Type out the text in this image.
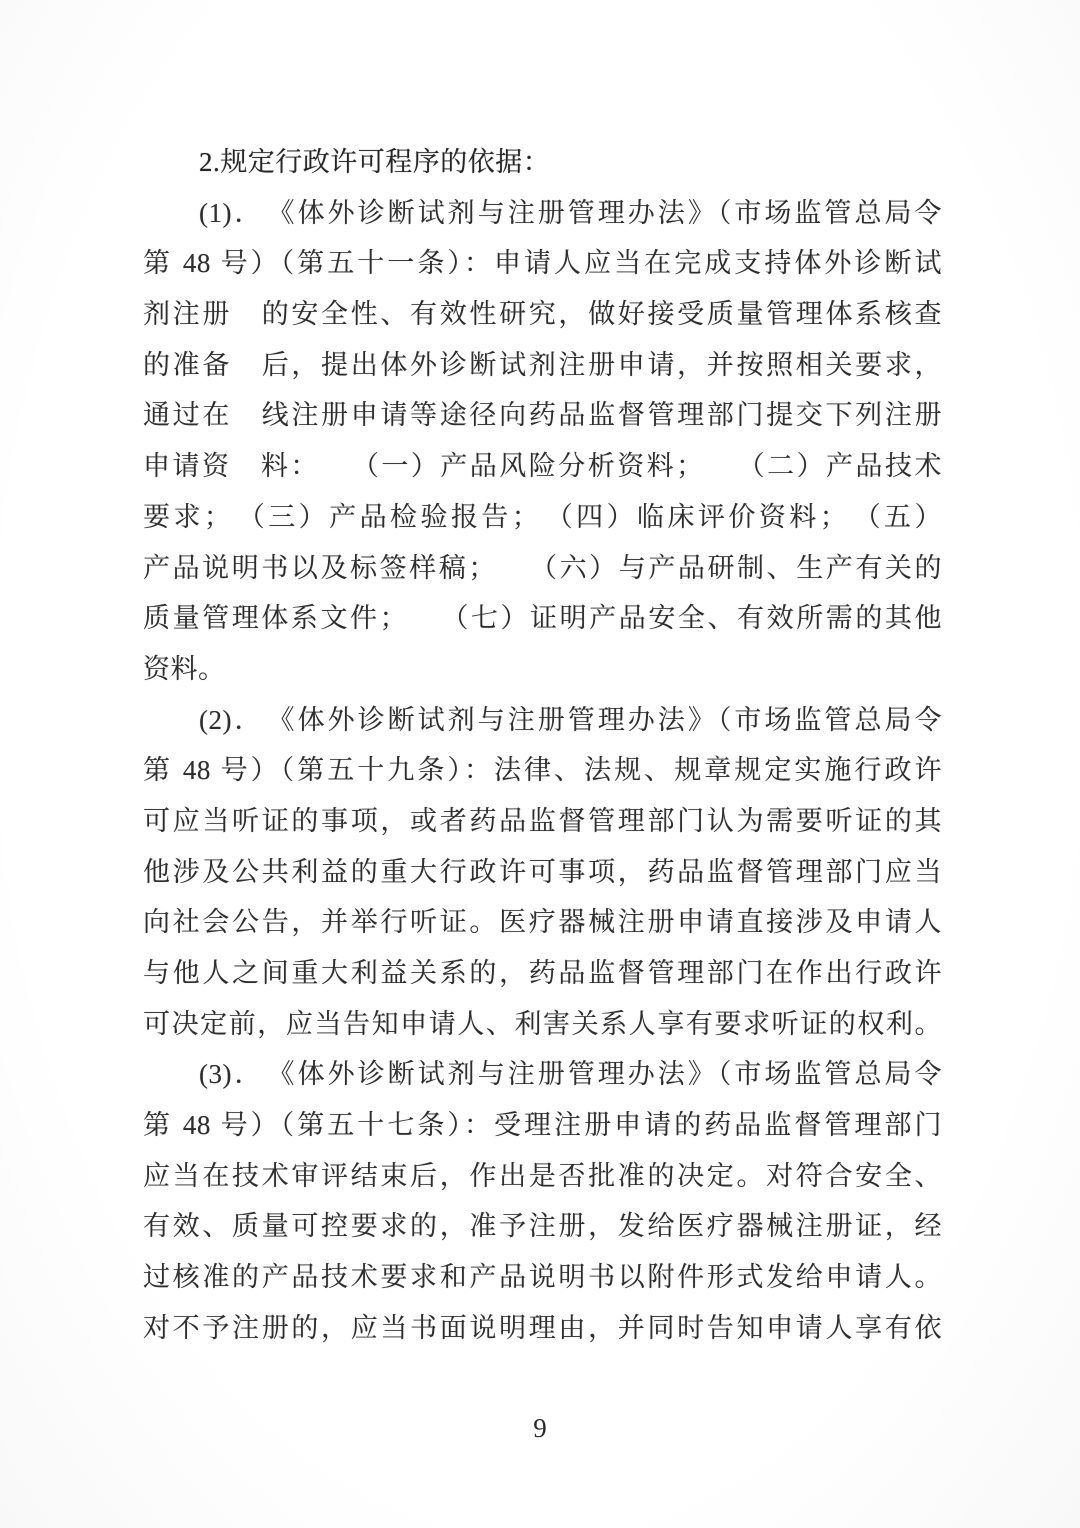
2.规定行政许可程序的依据：
(1)．　《体外诊断试剂与注册管理办法》（市场监管总局令
第 48 号）（第五十一条）：申请人应当在完成支持体外诊断试
剂注册　的安全性、有效性研究，做好接受质量管理体系核查
的准备　后，提出体外诊断试剂注册申请，并按照相关要求，
通过在　线注册申请等途径向药品监督管理部门提交下列注册
申请资　料：　　（一）产品风险分析资料；　　（二）产品技术
要求；　（三）产品检验报告；　（四）临床评价资料；　（五）
产品说明书以及标签样稿；　　（六）与产品研制、生产有关的
质量管理体系文件；　　（七）证明产品安全、有效所需的其他
资料。
(2)．　《体外诊断试剂与注册管理办法》（市场监管总局令
第 48 号）（第五十九条）：法律、法规、规章规定实施行政许
可应当听证的事项，或者药品监督管理部门认为需要听证的其
他涉及公共利益的重大行政许可事项，药品监督管理部门应当
向社会公告，并举行听证。医疗器械注册申请直接涉及申请人
与他人之间重大利益关系的，药品监督管理部门在作出行政许
可决定前，应当告知申请人、利害关系人享有要求听证的权利。
(3)．　《体外诊断试剂与注册管理办法》（市场监管总局令
第 48 号）（第五十七条）：受理注册申请的药品监督管理部门
应当在技术审评结束后，作出是否批准的决定。对符合安全、
有效、质量可控要求的，准予注册，发给医疗器械注册证，经
过核准的产品技术要求和产品说明书以附件形式发给申请人。
对不予注册的，应当书面说明理由，并同时告知申请人享有依
9
